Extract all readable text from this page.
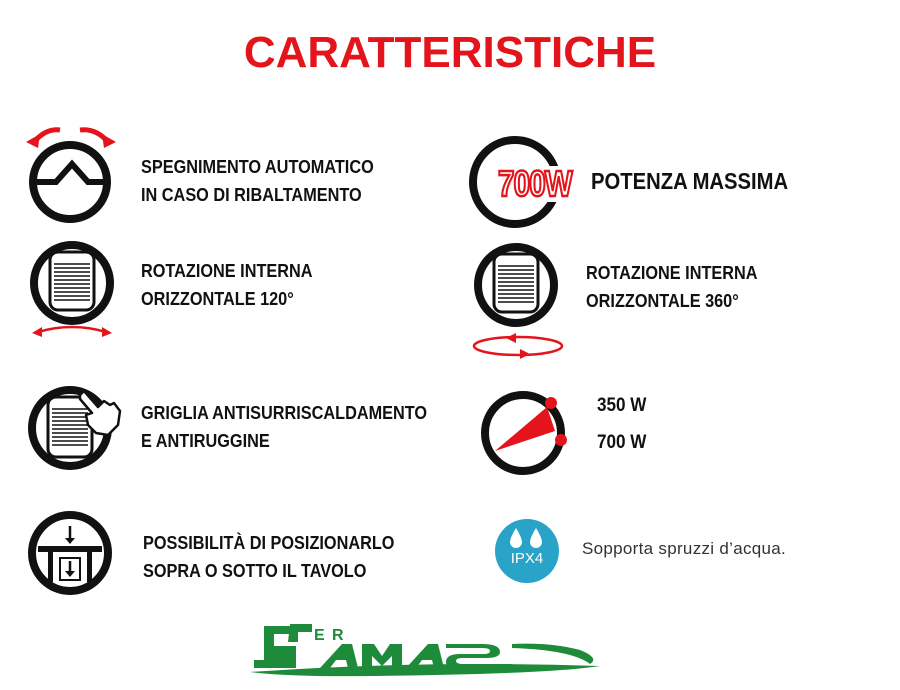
CARATTERISTICHE
SPEGNIMENTO AUTOMATICO
IN CASO DI RIBALTAMENTO	700W POTENZA MASSIMA
ROTAZIONE INTERNA
ORIZZONTALE 120°
ROTAZIONE INTERNA
ORIZZONTALE 360°
GRIGLIA ANTISURRISCALDAMENTO
E ANTIRUGGINE
350 W
700 W
POSSIBILITÀ DI POSIZIONARLO
SOPRA O SOTTO IL TAVOLO
IPX4
Sopporta spruzzi d’acqua.
E R
